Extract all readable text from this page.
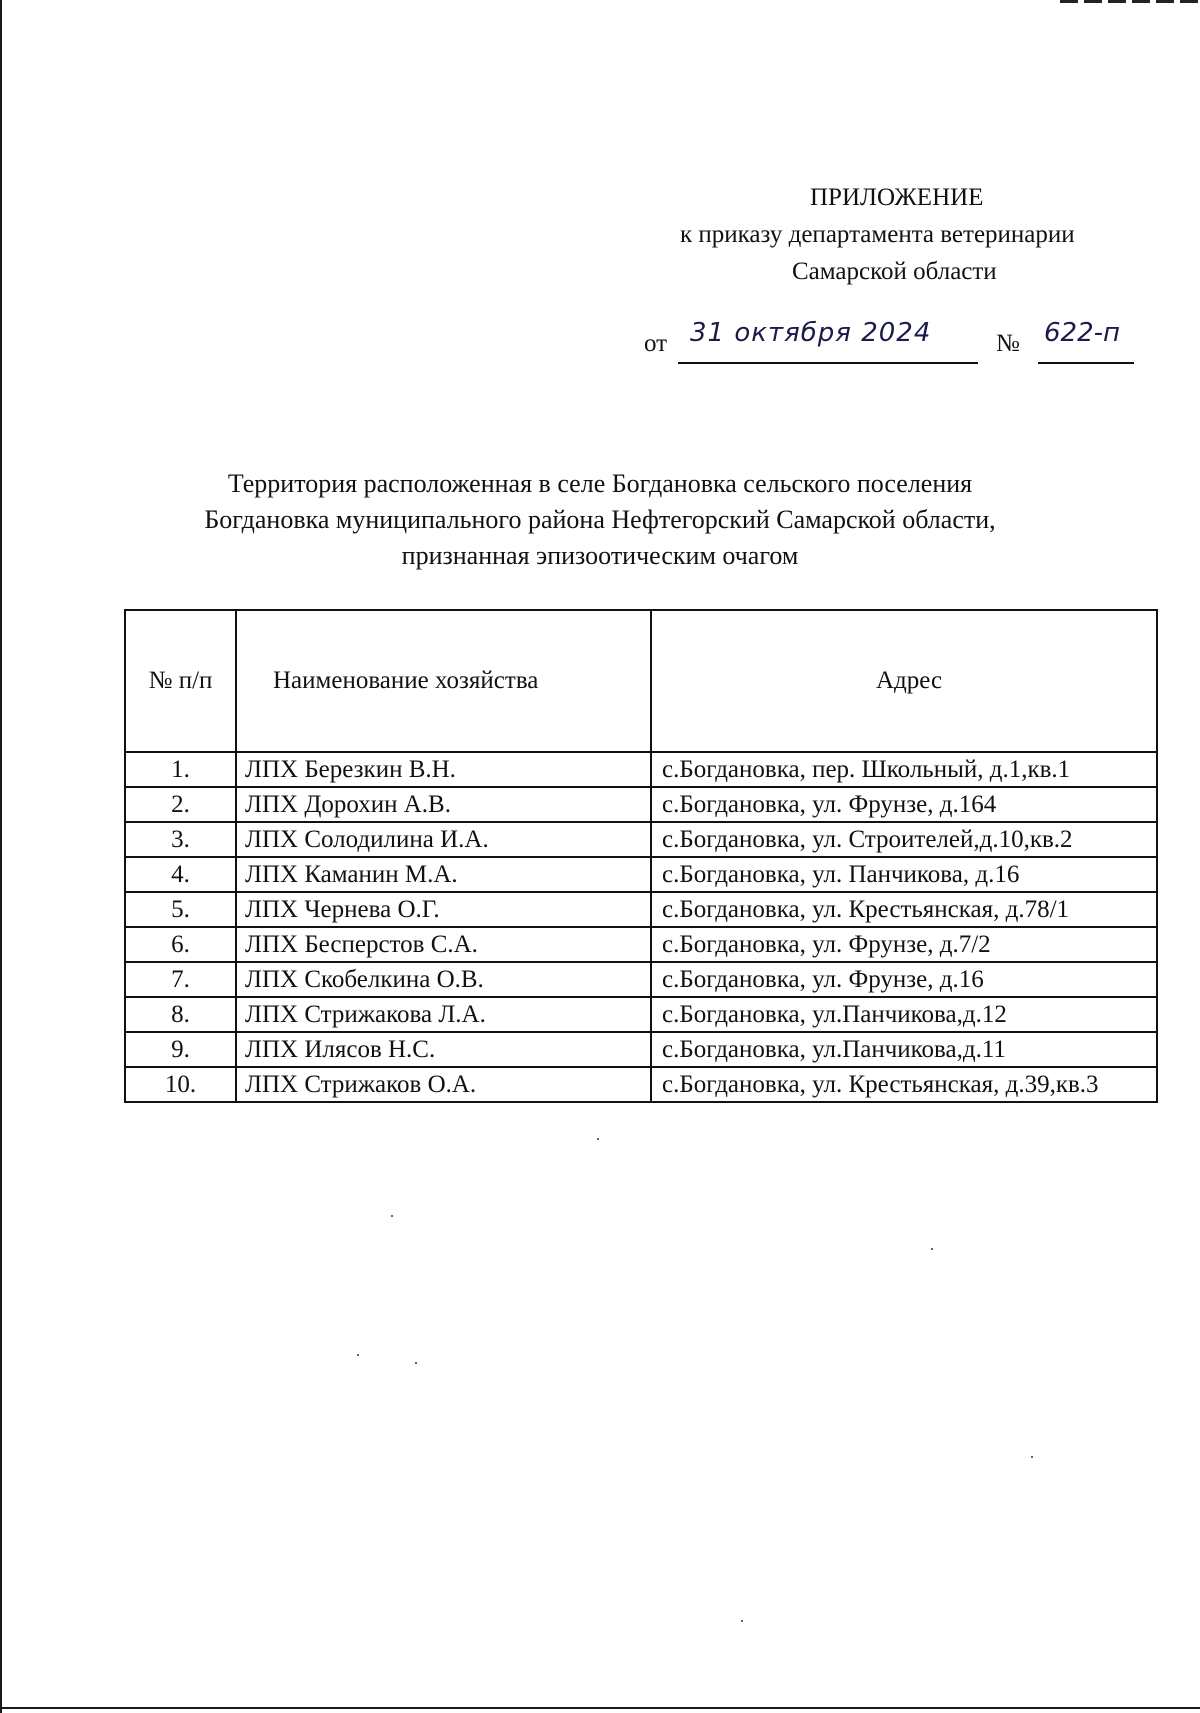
ПРИЛОЖЕНИЕ
к приказу департамента ветеринарии
Самарской области
от 31 октября 2024	№ 622-п
Территория расположенная в селе Богдановка сельского поселения
Богдановка муниципального района Нефтегорский Самарской области,
признанная эпизоотическим очагом
№ п/п	Наименование хозяйства	Адрес
1.	ЛПХ Березкин В.Н.	с.Богдановка, пер. Школьный, д.1,кв.1
2.	ЛПХ Дорохин А.В.	с.Богдановка, ул. Фрунзе, д.164
3.	ЛПХ Солодилина И.А.	с.Богдановка, ул. Строителей,д.10,кв.2
4.	ЛПХ Каманин М.А.	с.Богдановка, ул. Панчикова, д.16
5.	ЛПХ Чернева О.Г.	с.Богдановка, ул. Крестьянская, д.78/1
6.	ЛПХ Бесперстов С.А.	с.Богдановка, ул. Фрунзе, д.7/2
7.	ЛПХ Скобелкина О.В.	с.Богдановка, ул. Фрунзе, д.16
8.	ЛПХ Стрижакова Л.А.	с.Богдановка, ул.Панчикова,д.12
9.	ЛПХ Илясов Н.С.	с.Богдановка, ул.Панчикова,д.11
10.	ЛПХ Стрижаков О.А.	с.Богдановка, ул. Крестьянская, д.39,кв.3
